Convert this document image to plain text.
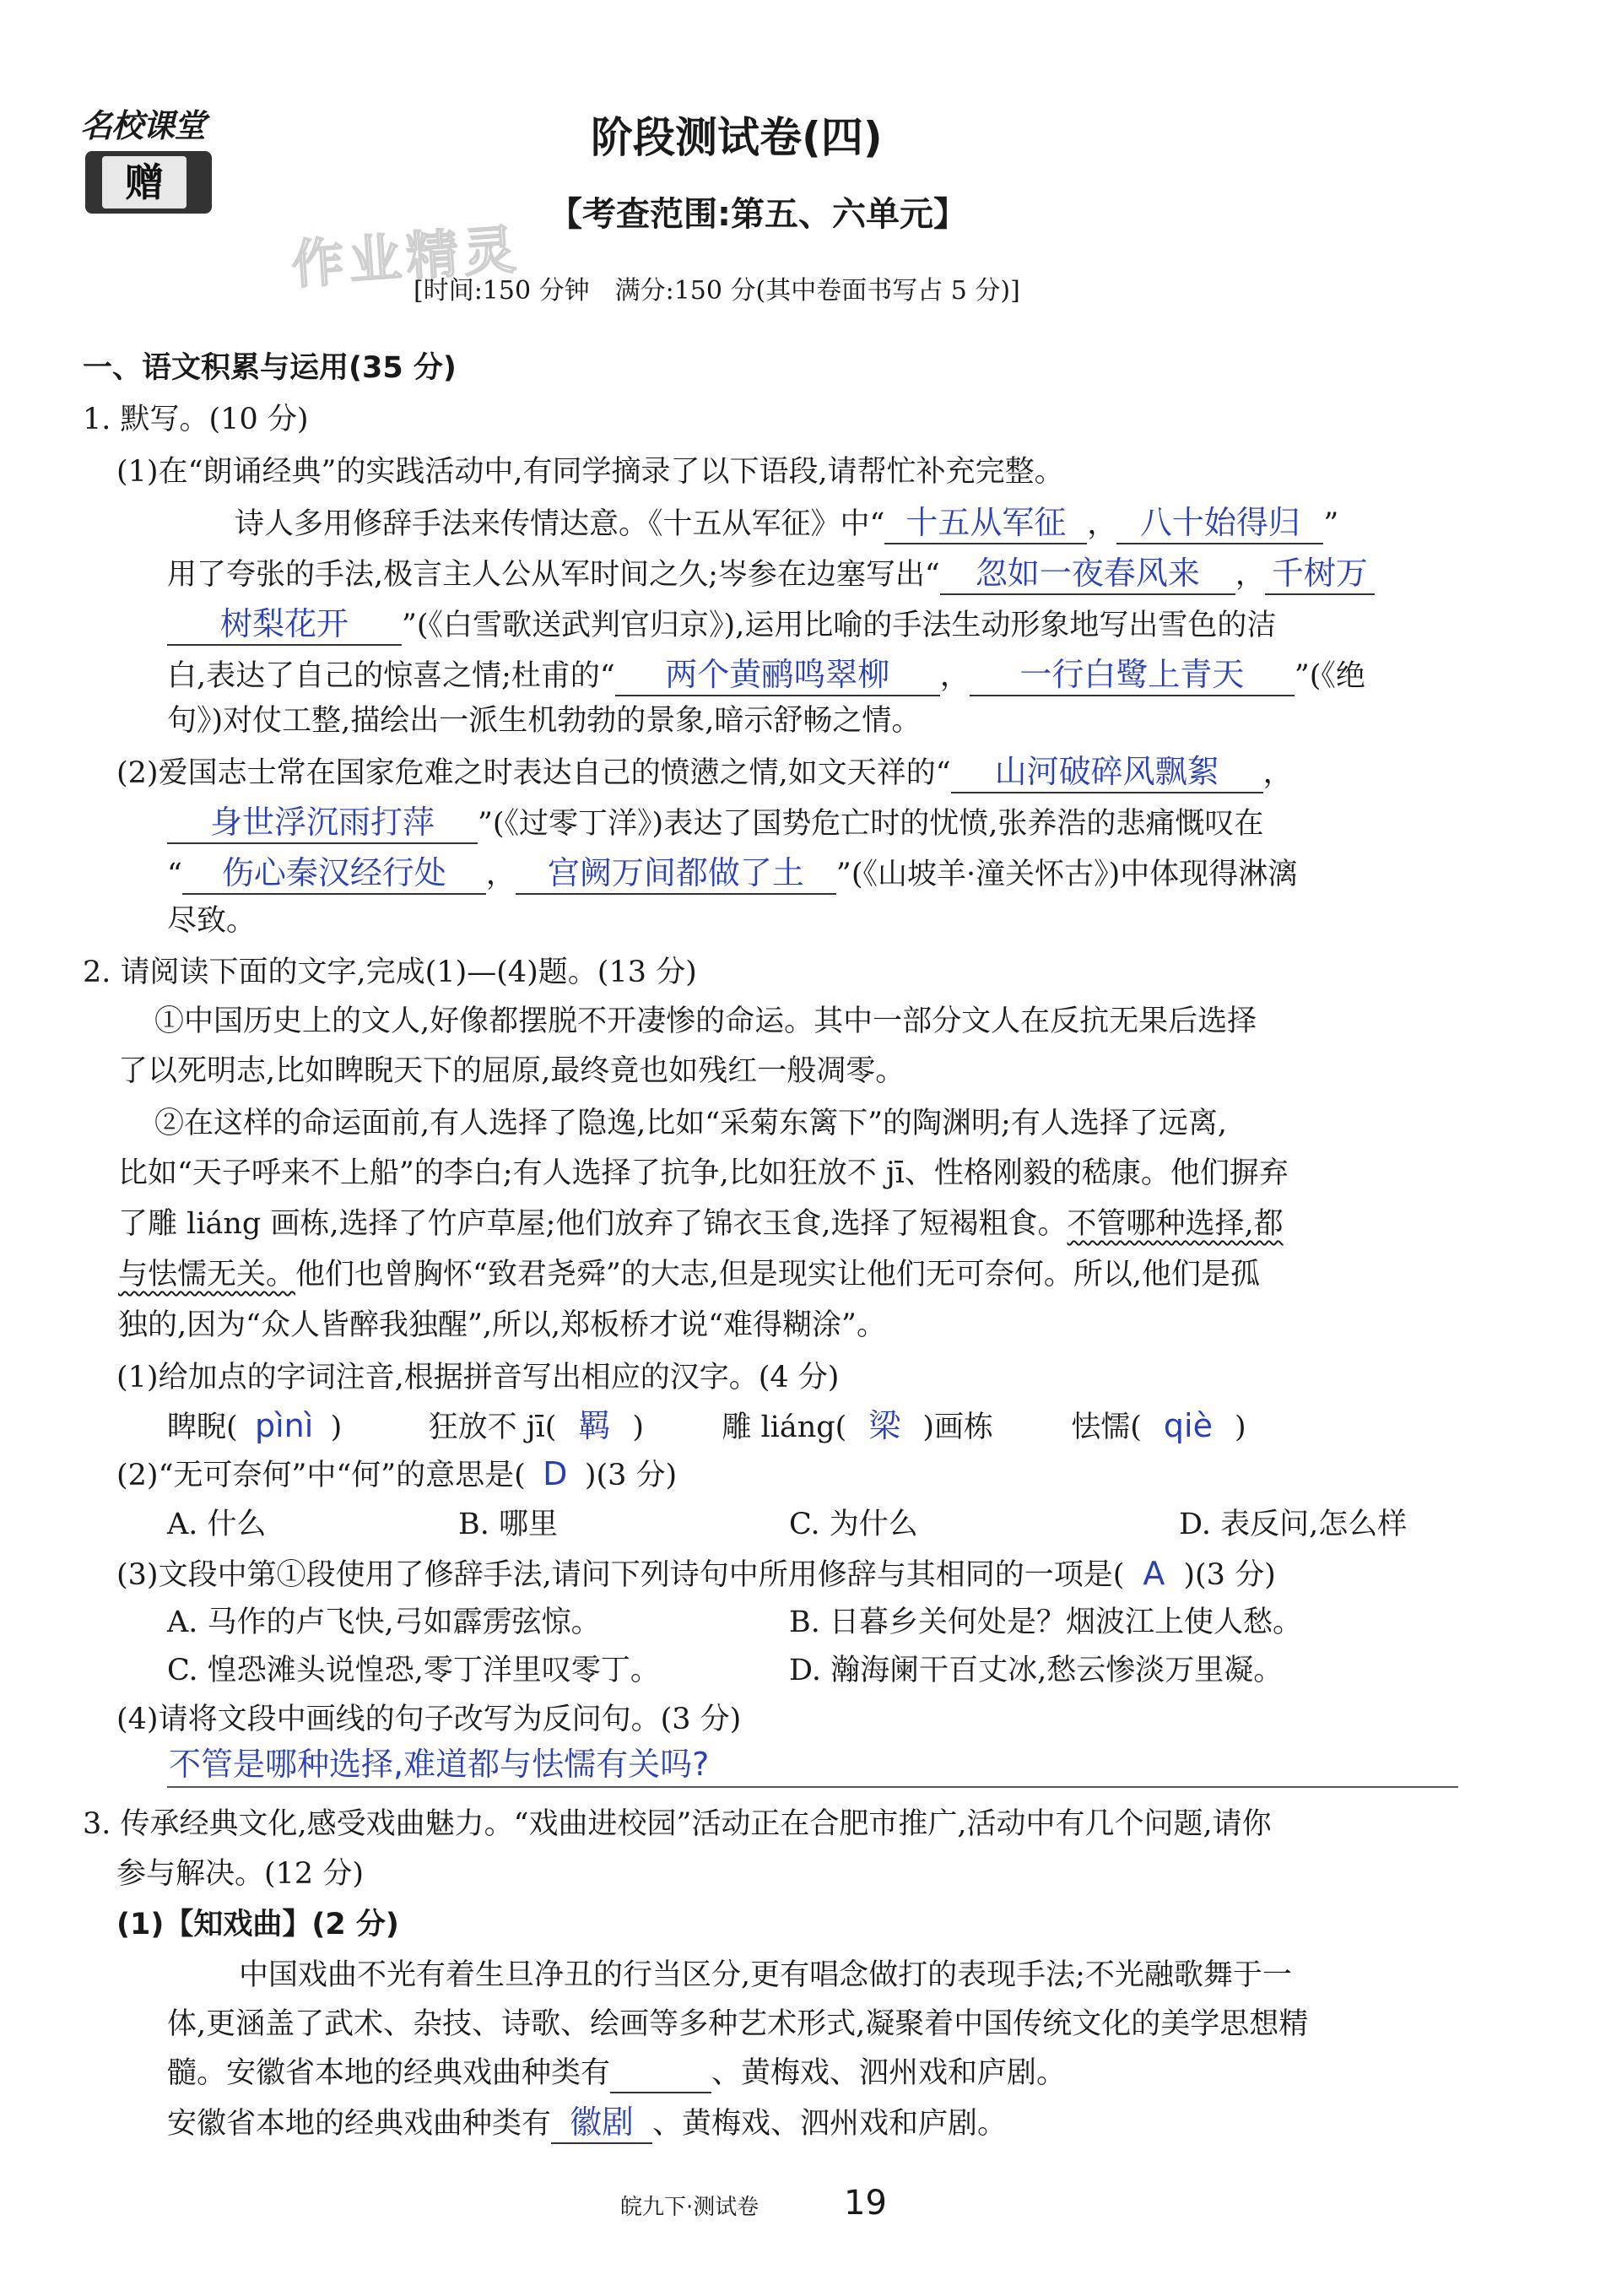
名校课堂
赠
阶段测试卷(四)
【考查范围:第五、六单元】
作业精灵
[时间:150 分钟　满分:150 分(其中卷面书写占 5 分)]
一、语文积累与运用(35 分)
1. 默写。(10 分)
(1)在“朗诵经典”的实践活动中,有同学摘录了以下语段,请帮忙补充完整。
诗人多用修辞手法来传情达意。《十五从军征》中“ 十五从军征 ， 八十始得归 ”
用了夸张的手法,极言主人公从军时间之久;岑参在边塞写出“ 忽如一夜春风来 ， 千树万
树梨花开 ”(《白雪歌送武判官归京》),运用比喻的手法生动形象地写出雪色的洁
白,表达了自己的惊喜之情;杜甫的“ 两个黄鹂鸣翠柳 ， 一行白鹭上青天 ”(《绝
句》)对仗工整,描绘出一派生机勃勃的景象,暗示舒畅之情。
(2)爱国志士常在国家危难之时表达自己的愤懑之情,如文天祥的“ 山河破碎风飘絮 ，
身世浮沉雨打萍 ”(《过零丁洋》)表达了国势危亡时的忧愤,张养浩的悲痛慨叹在
“ 伤心秦汉经行处 ， 宫阙万间都做了土 ”(《山坡羊·潼关怀古》)中体现得淋漓
尽致。
2. 请阅读下面的文字,完成(1)—(4)题。(13 分)
①中国历史上的文人,好像都摆脱不开凄惨的命运。其中一部分文人在反抗无果后选择
了以死明志,比如睥睨天下的屈原,最终竟也如残红一般凋零。
②在这样的命运面前,有人选择了隐逸,比如“采菊东篱下”的陶渊明;有人选择了远离,
比如“天子呼来不上船”的李白;有人选择了抗争,比如狂放不 jī、性格刚毅的嵇康。他们摒弃
了雕 liáng 画栋,选择了竹庐草屋;他们放弃了锦衣玉食,选择了短褐粗食。不管哪种选择,都
与怯懦无关。他们也曾胸怀“致君尧舜”的大志,但是现实让他们无可奈何。所以,他们是孤
独的,因为“众人皆醉我独醒”,所以,郑板桥才说“难得糊涂”。
(1)给加点的字词注音,根据拼音写出相应的汉字。(4 分)
睥睨( pìnì )	狂放不 jī( 羁 )	雕 liáng( 梁 )画栋	怯懦( qiè )
(2)“无可奈何”中“何”的意思是( D )(3 分)
A. 什么	B. 哪里	C. 为什么	D. 表反问,怎么样
(3)文段中第①段使用了修辞手法,请问下列诗句中所用修辞与其相同的一项是( A )(3 分)
A. 马作的卢飞快,弓如霹雳弦惊。	B. 日暮乡关何处是？烟波江上使人愁。
C. 惶恐滩头说惶恐,零丁洋里叹零丁。	D. 瀚海阑干百丈冰,愁云惨淡万里凝。
(4)请将文段中画线的句子改写为反问句。(3 分)
不管是哪种选择,难道都与怯懦有关吗?
3. 传承经典文化,感受戏曲魅力。“戏曲进校园”活动正在合肥市推广,活动中有几个问题,请你
参与解决。(12 分)
(1)【知戏曲】(2 分)
中国戏曲不光有着生旦净丑的行当区分,更有唱念做打的表现手法;不光融歌舞于一
体,更涵盖了武术、杂技、诗歌、绘画等多种艺术形式,凝聚着中国传统文化的美学思想精
髓。安徽省本地的经典戏曲种类有	、黄梅戏、泗州戏和庐剧。
安徽省本地的经典戏曲种类有 徽剧 、黄梅戏、泗州戏和庐剧。
皖九下·测试卷	19
